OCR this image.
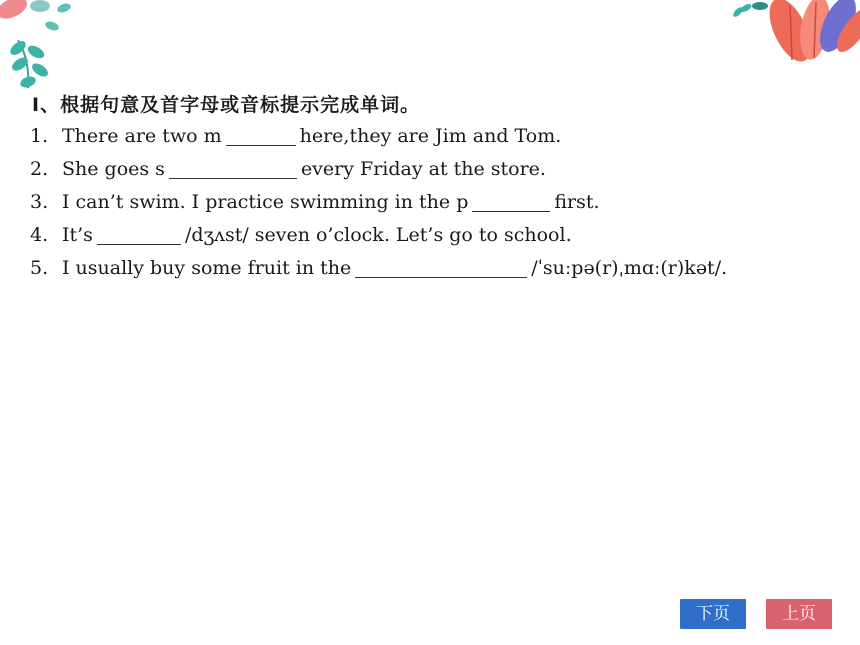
Ⅰ、根据句意及首字母或音标提示完成单词。
1. There are two m	here,they are Jim and Tom.
2. She goes s	every Friday at the store.
3. I can’t swim. I practice swimming in the p	first.
4. It’s	/dʒʌst/ seven o’clock. Let’s go to school.
5. I usually buy some fruit in the	/ˈsuːpə(r)ˌmɑː(r)kət/.
下页	上页
